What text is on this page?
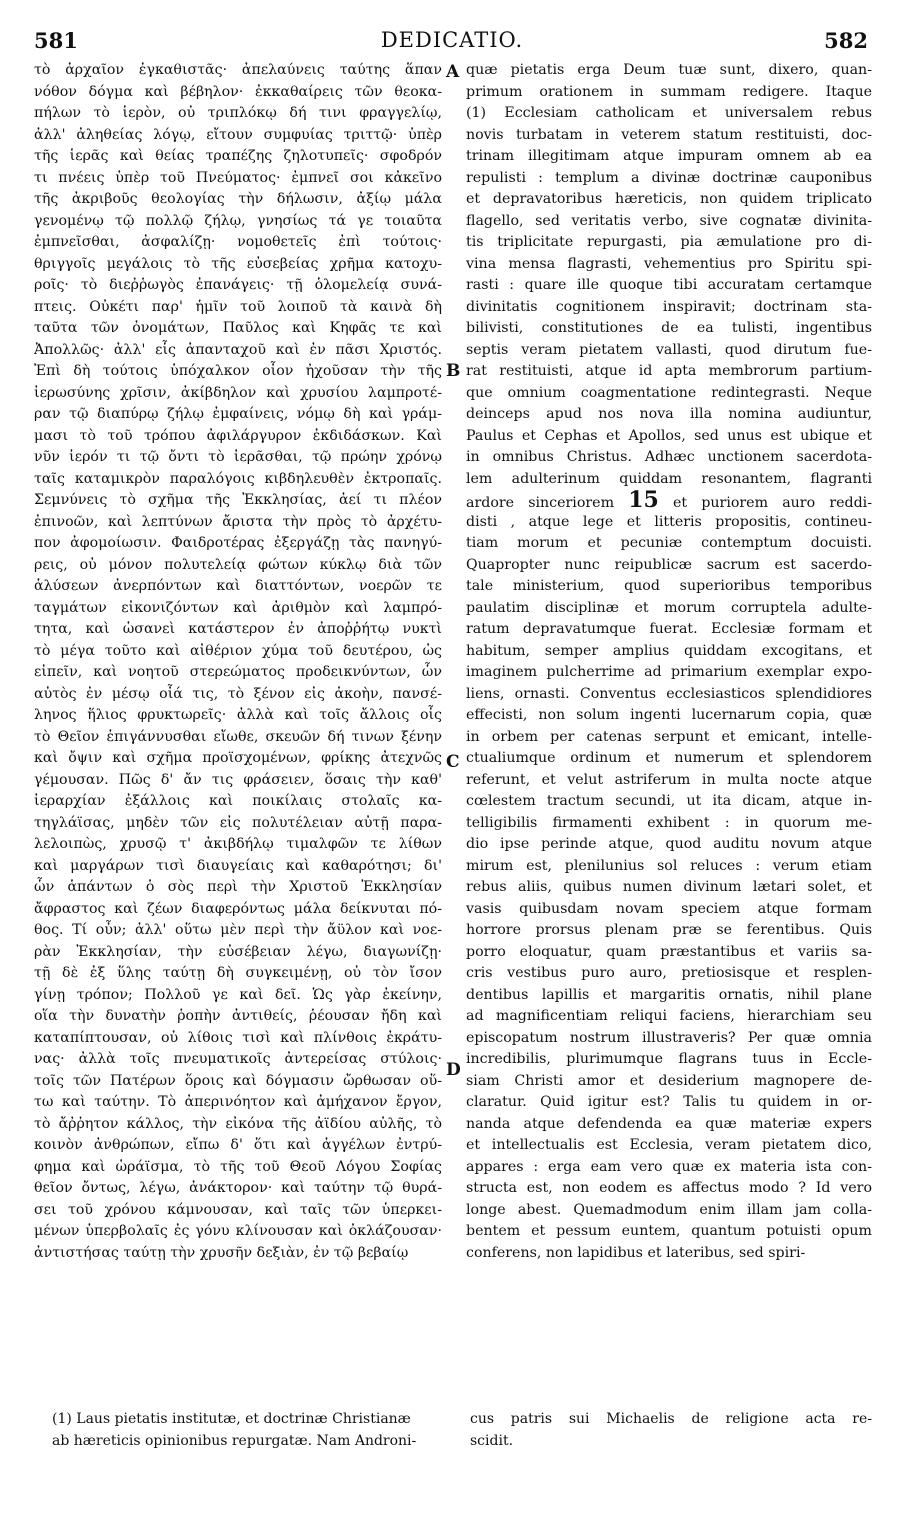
581	DEDICATIO.	582
τὸ ἀρχαῖον ἐγκαθιστᾶς· ἀπελαύνεις ταύτης ἅπαν
νόθον δόγμα καὶ βέβηλον· ἐκκαθαίρεις τῶν θεοκα-
πήλων τὸ ἱερὸν, οὐ τριπλόκῳ δή τινι φραγγελίῳ,
ἀλλ' ἀληθείας λόγῳ, εἴτουν συμφυίας τριττῷ· ὑπὲρ
τῆς ἱερᾶς καὶ θείας τραπέζης ζηλοτυπεῖς· σφοδρόν
τι πνέεις ὑπὲρ τοῦ Πνεύματος· ἐμπνεῖ σοι κἀκεῖνο
τῆς ἀκριβοῦς θεολογίας τὴν δήλωσιν, ἀξίῳ μάλα
γενομένῳ τῷ πολλῷ ζήλῳ, γνησίως τά γε τοιαῦτα
ἐμπνεῖσθαι, ἀσφαλίζῃ· νομοθετεῖς ἐπὶ τούτοις·
θριγγοῖς μεγάλοις τὸ τῆς εὐσεβείας χρῆμα κατοχυ-
ροῖς· τὸ διεῤῥωγὸς ἐπανάγεις· τῇ ὁλομελείᾳ συνά-
πτεις. Οὐκέτι παρ' ἡμῖν τοῦ λοιποῦ τὰ καινὰ δὴ
ταῦτα τῶν ὀνομάτων, Παῦλος καὶ Κηφᾶς τε καὶ
Ἀπολλῶς· ἀλλ' εἷς ἁπανταχοῦ καὶ ἐν πᾶσι Χριστός.
Ἐπὶ δὴ τούτοις ὑπόχαλκον οἷον ἠχοῦσαν τὴν τῆς
ἱερωσύνης χρῖσιν, ἀκίβδηλον καὶ χρυσίου λαμπροτέ-
ραν τῷ διαπύρῳ ζήλῳ ἐμφαίνεις, νόμῳ δὴ καὶ γράμ-
μασι τὸ τοῦ τρόπου ἀφιλάργυρον ἐκδιδάσκων. Καὶ
νῦν ἱερόν τι τῷ ὄντι τὸ ἱερᾶσθαι, τῷ πρώην χρόνῳ
ταῖς καταμικρὸν παραλόγοις κιβδηλευθὲν ἐκτροπαῖς.
Σεμνύνεις τὸ σχῆμα τῆς Ἐκκλησίας, ἀεί τι πλέον
ἐπινοῶν, καὶ λεπτύνων ἄριστα τὴν πρὸς τὸ ἀρχέτυ-
πον ἀφομοίωσιν. Φαιδροτέρας ἐξεργάζῃ τὰς πανηγύ-
ρεις, οὐ μόνον πολυτελείᾳ φώτων κύκλῳ διὰ τῶν
ἁλύσεων ἀνερπόντων καὶ διαττόντων, νοερῶν τε
ταγμάτων εἰκονιζόντων καὶ ἀριθμὸν καὶ λαμπρό-
τητα, καὶ ὡσανεὶ κατάστερον ἐν ἀποῤῥήτῳ νυκτὶ
τὸ μέγα τοῦτο καὶ αἰθέριον χύμα τοῦ δευτέρου, ὡς
εἰπεῖν, καὶ νοητοῦ στερεώματος προδεικνύντων, ὧν
αὐτὸς ἐν μέσῳ οἷά τις, τὸ ξένον εἰς ἀκοὴν, πανσέ-
ληνος ἥλιος φρυκτωρεῖς· ἀλλὰ καὶ τοῖς ἄλλοις οἷς
τὸ Θεῖον ἐπιγάννυσθαι εἴωθε, σκευῶν δή τινων ξένην
καὶ ὄψιν καὶ σχῆμα προϊσχομένων, φρίκης ἀτεχνῶς
γέμουσαν. Πῶς δ' ἄν τις φράσειεν, ὅσαις τὴν καθ'
ἱεραρχίαν ἐξάλλοις καὶ ποικίλαις στολαῖς κα-
τηγλάϊσας, μηδὲν τῶν εἰς πολυτέλειαν αὐτῇ παρα-
λελοιπὼς, χρυσῷ τ' ἀκιβδήλῳ τιμαλφῶν τε λίθων
καὶ μαργάρων τισὶ διαυγείαις καὶ καθαρότησι; δι'
ὧν ἁπάντων ὁ σὸς περὶ τὴν Χριστοῦ Ἐκκλησίαν
ἄφραστος καὶ ζέων διαφερόντως μάλα δείκνυται πό-
θος. Τί οὖν; ἀλλ' οὕτω μὲν περὶ τὴν ἄϋλον καὶ νοε-
ρὰν Ἐκκλησίαν, τὴν εὐσέβειαν λέγω, διαγωνίζῃ·
τῇ δὲ ἐξ ὕλης ταύτῃ δὴ συγκειμένῃ, οὐ τὸν ἴσον
γίνῃ τρόπον; Πολλοῦ γε καὶ δεῖ. Ὡς γὰρ ἐκείνην,
οἵα τὴν δυνατὴν ῥοπὴν ἀντιθείς, ῥέουσαν ἤδη καὶ
καταπίπτουσαν, οὐ λίθοις τισὶ καὶ πλίνθοις ἐκράτυ-
νας· ἀλλὰ τοῖς πνευματικοῖς ἀντερείσας στύλοις·
τοῖς τῶν Πατέρων ὅροις καὶ δόγμασιν ὤρθωσαν οὕ-
τω καὶ ταύτην. Τὸ ἀπερινόητον καὶ ἀμήχανον ἔργον,
τὸ ἄῤῥητον κάλλος, τὴν εἰκόνα τῆς ἀϊδίου αὐλῆς, τὸ
κοινὸν ἀνθρώπων, εἴπω δ' ὅτι καὶ ἀγγέλων ἐντρύ-
φημα καὶ ὡράϊσμα, τὸ τῆς τοῦ Θεοῦ Λόγου Σοφίας
θεῖον ὄντως, λέγω, ἀνάκτορον· καὶ ταύτην τῷ θυρά-
σει τοῦ χρόνου κάμνουσαν, καὶ ταῖς τῶν ὑπερκει-
μένων ὑπερβολαῖς ἐς γόνυ κλίνουσαν καὶ ὀκλάζουσαν·
ἀντιστήσας ταύτῃ τὴν χρυσῆν δεξιὰν, ἐν τῷ βεβαίῳ
quæ pietatis erga Deum tuæ sunt, dixero, quan-
primum orationem in summam redigere. Itaque
(1) Ecclesiam catholicam et universalem rebus
novis turbatam in veterem statum restituisti, doc-
trinam illegitimam atque impuram omnem ab ea
repulisti : templum a divinæ doctrinæ cauponibus
et depravatoribus hæreticis, non quidem triplicato
flagello, sed veritatis verbo, sive cognatæ divinita-
tis triplicitate repurgasti, pia æmulatione pro di-
vina mensa flagrasti, vehementius pro Spiritu spi-
rasti : quare ille quoque tibi accuratam certamque
divinitatis cognitionem inspiravit; doctrinam sta-
bilivisti, constitutiones de ea tulisti, ingentibus
septis veram pietatem vallasti, quod dirutum fue-
rat restituisti, atque id apta membrorum partium-
que omnium coagmentatione redintegrasti. Neque
deinceps apud nos nova illa nomina audiuntur,
Paulus et Cephas et Apollos, sed unus est ubique et
in omnibus Christus. Adhæc unctionem sacerdota-
lem adulterinum quiddam resonantem, flagranti
ardore sinceriorem 15 et puriorem auro reddi-
disti , atque lege et litteris propositis, contineu-
tiam morum et pecuniæ contemptum docuisti.
Quapropter nunc reipublicæ sacrum est sacerdo-
tale ministerium, quod superioribus temporibus
paulatim disciplinæ et morum corruptela adulte-
ratum depravatumque fuerat. Ecclesiæ formam et
habitum, semper amplius quiddam excogitans, et
imaginem pulcherrime ad primarium exemplar expo-
liens, ornasti. Conventus ecclesiasticos splendidiores
effecisti, non solum ingenti lucernarum copia, quæ
in orbem per catenas serpunt et emicant, intelle-
ctualiumque ordinum et numerum et splendorem
referunt, et velut astriferum in multa nocte atque
cœlestem tractum secundi, ut ita dicam, atque in-
telligibilis firmamenti exhibent : in quorum me-
dio ipse perinde atque, quod auditu novum atque
mirum est, plenilunius sol reluces : verum etiam
rebus aliis, quibus numen divinum lætari solet, et
vasis quibusdam novam speciem atque formam
horrore prorsus plenam præ se ferentibus. Quis
porro eloquatur, quam præstantibus et variis sa-
cris vestibus puro auro, pretiosisque et resplen-
dentibus lapillis et margaritis ornatis, nihil plane
ad magnificentiam reliqui faciens, hierarchiam seu
episcopatum nostrum illustraveris? Per quæ omnia
incredibilis, plurimumque flagrans tuus in Eccle-
siam Christi amor et desiderium magnopere de-
claratur. Quid igitur est? Talis tu quidem in or-
nanda atque defendenda ea quæ materiæ expers
et intellectualis est Ecclesia, veram pietatem dico,
appares : erga eam vero quæ ex materia ista con-
structa est, non eodem es affectus modo ? Id vero
longe abest. Quemadmodum enim illam jam colla-
bentem et pessum euntem, quantum potuisti opum
conferens, non lapidibus et lateribus, sed spiri-
A
B
C
D
(1) Laus pietatis institutæ, et doctrinæ Christianæ
ab hæreticis opinionibus repurgatæ. Nam Androni-
cus patris sui Michaelis de religione acta re-
scidit.
